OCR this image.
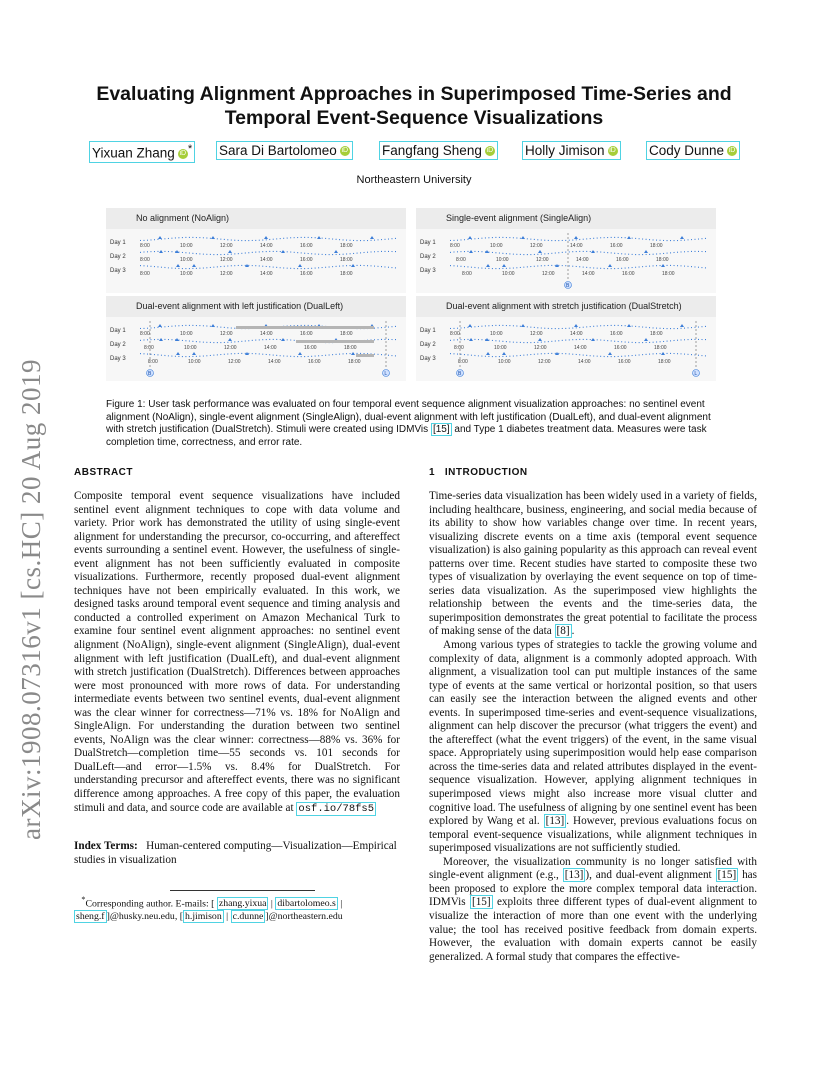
arXiv:1908.07316v1 [cs.HC] 20 Aug 2019
Evaluating Alignment Approaches in Superimposed Time-Series and Temporal Event-Sequence Visualizations
Yixuan Zhang iD * Sara Di Bartolomeo iD	Fangfang Sheng iD	Holly Jimison iD	Cody Dunne iD
Northeastern University
No alignment (NoAlign)
Day 1	8:00	10:00	12:00	14:00	16:00	18:00
Day 2	8:00	10:00	12:00	14:00	16:00	18:00
Day 3	8:00	10:00	12:00	14:00	16:00	18:00
Single-event alignment (SingleAlign)
Day 1	8:00	10:00	12:00	14:00	16:00	18:00
Day 2	8:00	10:00	12:00	14:00	16:00	18:00
Day 3	8:00	10:00	12:00	14:00	16:00	18:00
B
Dual-event alignment with left justification (DualLeft)
Day 1	8:00	10:00	12:00	14:00	16:00	18:00
Day 2	8:00	10:00	12:00	14:00	16:00	18:00
Day 3	8:00	10:00	12:00	14:00	16:00	18:00
B	L
Dual-event alignment with stretch justification (DualStretch)
Day 1	8:00	10:00	12:00	14:00	16:00	18:00
Day 2	8:00	10:00	12:00	14:00	16:00	18:00
Day 3	8:00	10:00	12:00	14:00	16:00	18:00
B	L
Figure 1: User task performance was evaluated on four temporal event sequence alignment visualization approaches: no sentinel event alignment (NoAlign), single-event alignment (SingleAlign), dual-event alignment with left justification (DualLeft), and dual-event alignment with stretch justification (DualStretch). Stimuli were created using IDMVis [15] and Type 1 diabetes treatment data. Measures were task completion time, correctness, and error rate.
ABSTRACT

Composite temporal event sequence visualizations have included sentinel event alignment techniques to cope with data volume and variety. Prior work has demonstrated the utility of using single-event alignment for understanding the precursor, co-occurring, and aftereffect events surrounding a sentinel event. However, the usefulness of single-event alignment has not been sufficiently evaluated in composite visualizations. Furthermore, recently proposed dual-event alignment techniques have not been empirically evaluated. In this work, we designed tasks around temporal event sequence and timing analysis and conducted a controlled experiment on Amazon Mechanical Turk to examine four sentinel event alignment approaches: no sentinel event alignment (NoAlign), single-event alignment (SingleAlign), dual-event alignment with left justification (DualLeft), and dual-event alignment with stretch justification (DualStretch). Differences between approaches were most pronounced with more rows of data. For understanding intermediate events between two sentinel events, dual-event alignment was the clear winner for correctness—71% vs. 18% for NoAlign and SingleAlign. For understanding the duration between two sentinel events, NoAlign was the clear winner: correctness—88% vs. 36% for DualStretch—completion time—55 seconds vs. 101 seconds for DualLeft—and error—1.5% vs. 8.4% for DualStretch. For understanding precursor and aftereffect events, there was no significant difference among approaches. A free copy of this paper, the evaluation stimuli and data, and source code are available at osf.io/78fs5

Index Terms: Human-centered computing—Visualization—Empirical studies in visualization
*Corresponding author. E-mails: [ zhang.yixua | dibartolomeo.s | sheng.f ]@husky.neu.edu, [ h.jimison | c.dunne ]@northeastern.edu
1 INTRODUCTION

Time-series data visualization has been widely used in a variety of fields, including healthcare, business, engineering, and social media because of its ability to show how variables change over time. In recent years, visualizing discrete events on a time axis (temporal event sequence visualization) is also gaining popularity as this approach can reveal event patterns over time. Recent studies have started to composite these two types of visualization by overlaying the event sequence on top of time-series data visualization. As the superimposed view highlights the relationship between the events and the time-series data, the superimposition demonstrates the great potential to facilitate the process of making sense of the data [8] .

Among various types of strategies to tackle the growing volume and complexity of data, alignment is a commonly adopted approach. With alignment, a visualization tool can put multiple instances of the same type of events at the same vertical or horizontal position, so that users can easily see the interaction between the aligned events and other events. In superimposed time-series and event-sequence visualizations, alignment can help discover the precursor (what triggers the event) and the aftereffect (what the event triggers) of the event, in the same visual space. Appropriately using superimposition would help ease comparison across the time-series data and related attributes displayed in the event-sequence visualization. However, applying alignment techniques in superimposed views might also increase more visual clutter and cognitive load. The usefulness of aligning by one sentinel event has been explored by Wang et al. [13] . However, previous evaluations focus on temporal event-sequence visualizations, while alignment techniques in superimposed visualizations are not sufficiently studied.

Moreover, the visualization community is no longer satisfied with single-event alignment (e.g., [13] ), and dual-event alignment [15] has been proposed to explore the more complex temporal data interaction. IDMVis [15] exploits three different types of dual-event alignment to visualize the interaction of more than one event with the underlying value; the tool has received positive feedback from domain experts. However, the evaluation with domain experts cannot be easily generalized. A formal study that compares the effective-
